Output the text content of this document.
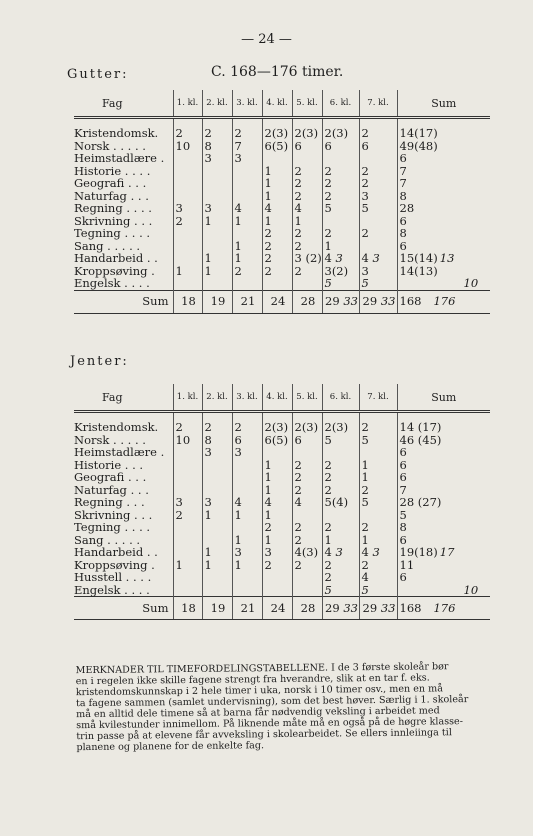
— 24 —
Gutter:	C. 168—176 timer.
Fag	1. kl.	2. kl.	3. kl.	4. kl.	5. kl.	6. kl.	7. kl.	Sum
Kristendomsk.	2	2	2	2(3)	2(3)	2(3)	2	14(17)
Norsk . . . . .	10	8	7	6(5)	6	6	6	49(48)
Heimstadlære .		3	3					6
Historie . . . .				1	2	2	2	7
Geografi . . .				1	2	2	2	7
Naturfag . . .				1	2	2	3	8
Regning . . . .	3	3	4	4	4	5	5	28
Skrivning . . .	2	1	1	1	1			6
Tegning . . . .				2	2	2	2	8
Sang . . . . .			1	2	2	1		6
Handarbeid . .		1	1	2	3 (2)	4 3	4 3	15(14) 13
Kroppsøving .	1	1	2	2	2	3(2)	3	14(13)
Engelsk . . . .						5	5	10
Sum	18	19	21	24	28	29 33	29 33	168 176
Jenter:
Fag	1. kl.	2. kl.	3. kl.	4. kl.	5. kl.	6. kl.	7. kl.	Sum
Kristendomsk.	2	2	2	2(3)	2(3)	2(3)	2	14 (17)
Norsk . . . . .	10	8	6	6(5)	6	5	5	46 (45)
Heimstadlære .		3	3					6
Historie . . .				1	2	2	1	6
Geografi . . .				1	2	2	1	6
Naturfag . . .				1	2	2	2	7
Regning . . .	3	3	4	4	4	5(4)	5	28 (27)
Skrivning . . .	2	1	1	1				5
Tegning . . . .				2	2	2	2	8
Sang . . . . .			1	1	2	1	1	6
Handarbeid . .		1	3	3	4(3)	4 3	4 3	19(18) 17
Kroppsøving .	1	1	1	2	2	2	2	11
Husstell . . . .						2	4	6
Engelsk . . . .						5	5	10
Sum	18	19	21	24	28	29 33	29 33	168 176

MERKNADER TIL TIMEFORDELINGSTABELLENE. I de 3 første skoleår bør

en i regelen ikke skille fagene strengt fra hverandre, slik at en tar f. eks.

kristendomskunnskap i 2 hele timer i uka, norsk i 10 timer osv., men en må

ta fagene sammen (samlet undervisning), som det best høver. Særlig i 1. skoleår

må en alltid dele timene så at barna får nødvendig veksling i arbeidet med

små kvilestunder innimellom. På liknende måte må en også på de høgre klasse-

trin passe på at elevene får avveksling i skolearbeidet. Se ellers innleiinga til

planene og planene for de enkelte fag.
